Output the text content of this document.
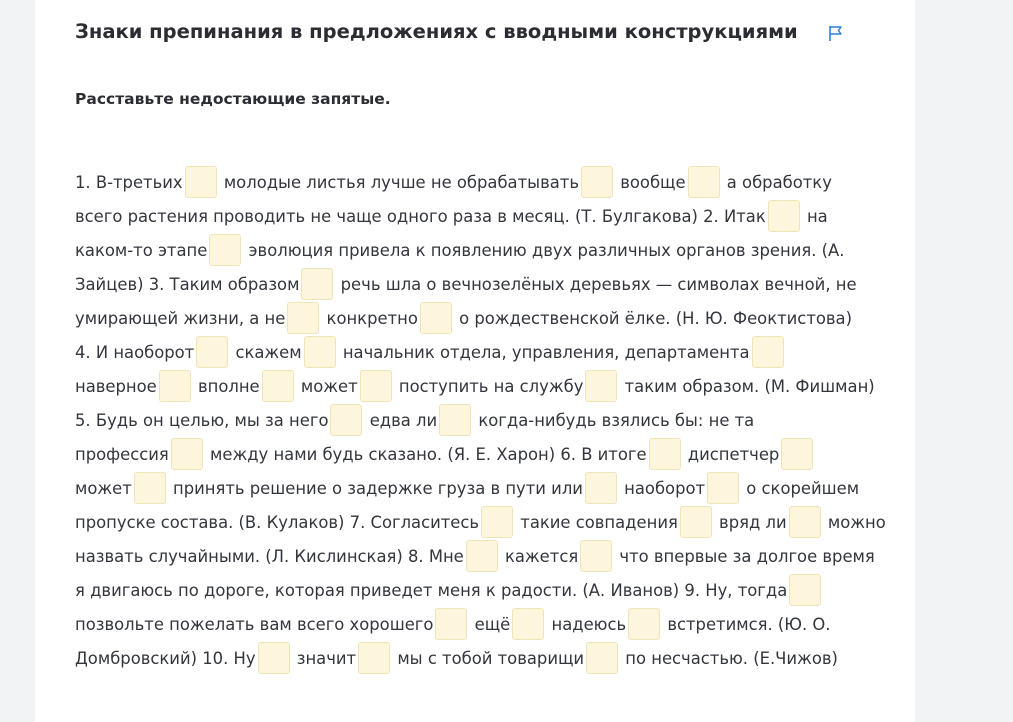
Знаки препинания в предложениях с вводными конструкциями
Расставьте недостающие запятые.
1. В-третьих молодые листья лучше не обрабатывать вообще а обработку
всего растения проводить не чаще одного раза в месяц. (Т. Булгакова) 2. Итак на
каком-то этапе эволюция привела к появлению двух различных органов зрения. (А.
Зайцев) 3. Таким образом речь шла о вечнозелёных деревьях — символах вечной, не
умирающей жизни, а не конкретно о рождественской ёлке. (Н. Ю. Феоктистова)
4. И наоборот скажем начальник отдела, управления, департамента
наверное вполне может поступить на службу таким образом. (М. Фишман)
5. Будь он целью, мы за него едва ли когда-нибудь взялись бы: не та
профессия между нами будь сказано. (Я. Е. Харон) 6. В итоге диспетчер
может принять решение о задержке груза в пути или наоборот о скорейшем
пропуске состава. (В. Кулаков) 7. Согласитесь такие совпадения вряд ли можно
назвать случайными. (Л. Кислинская) 8. Мне кажется что впервые за долгое время
я двигаюсь по дороге, которая приведет меня к радости. (А. Иванов) 9. Ну, тогда
позвольте пожелать вам всего хорошего ещё надеюсь встретимся. (Ю. О.
Домбровский) 10. Ну значит мы с тобой товарищи по несчастью. (Е.Чижов)
